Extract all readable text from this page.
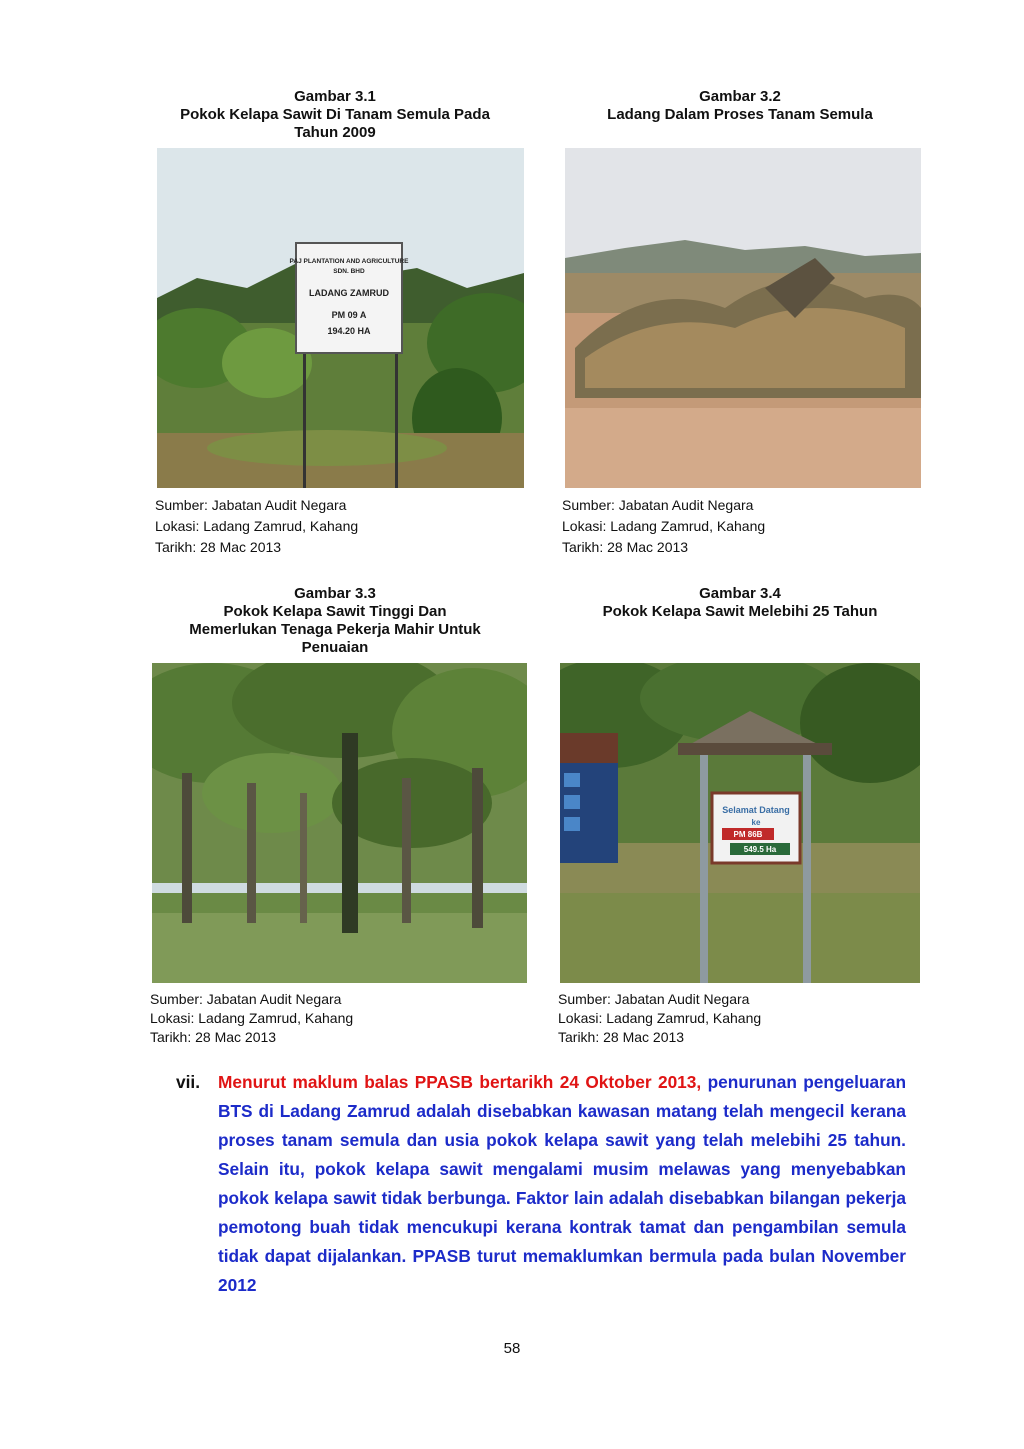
Gambar 3.1
Pokok Kelapa Sawit Di Tanam Semula Pada
Tahun 2009
PAJ PLANTATION AND AGRICULTURE
SDN. BHD
LADANG ZAMRUD
PM 09 A
194.20 HA
Sumber: Jabatan Audit Negara
Lokasi: Ladang Zamrud, Kahang
Tarikh: 28 Mac 2013
Gambar 3.2
Ladang Dalam Proses Tanam Semula
Sumber: Jabatan Audit Negara
Lokasi: Ladang Zamrud, Kahang
Tarikh: 28 Mac 2013
Gambar 3.3
Pokok Kelapa Sawit Tinggi Dan
Memerlukan Tenaga Pekerja Mahir Untuk
Penuaian
Sumber: Jabatan Audit Negara
Lokasi: Ladang Zamrud, Kahang
Tarikh: 28 Mac 2013
Gambar 3.4
Pokok Kelapa Sawit Melebihi 25 Tahun
Selamat Datang
ke
PM 86B
549.5 Ha
Sumber: Jabatan Audit Negara
Lokasi: Ladang Zamrud, Kahang
Tarikh: 28 Mac 2013
vii. Menurut maklum balas PPASB bertarikh 24 Oktober 2013, penurunan pengeluaran BTS di Ladang Zamrud adalah disebabkan kawasan matang telah mengecil kerana proses tanam semula dan usia pokok kelapa sawit yang telah melebihi 25 tahun. Selain itu, pokok kelapa sawit mengalami musim melawas yang menyebabkan pokok kelapa sawit tidak berbunga. Faktor lain adalah disebabkan bilangan pekerja pemotong buah tidak mencukupi kerana kontrak tamat dan pengambilan semula tidak dapat dijalankan. PPASB turut memaklumkan bermula pada bulan November 2012
58
